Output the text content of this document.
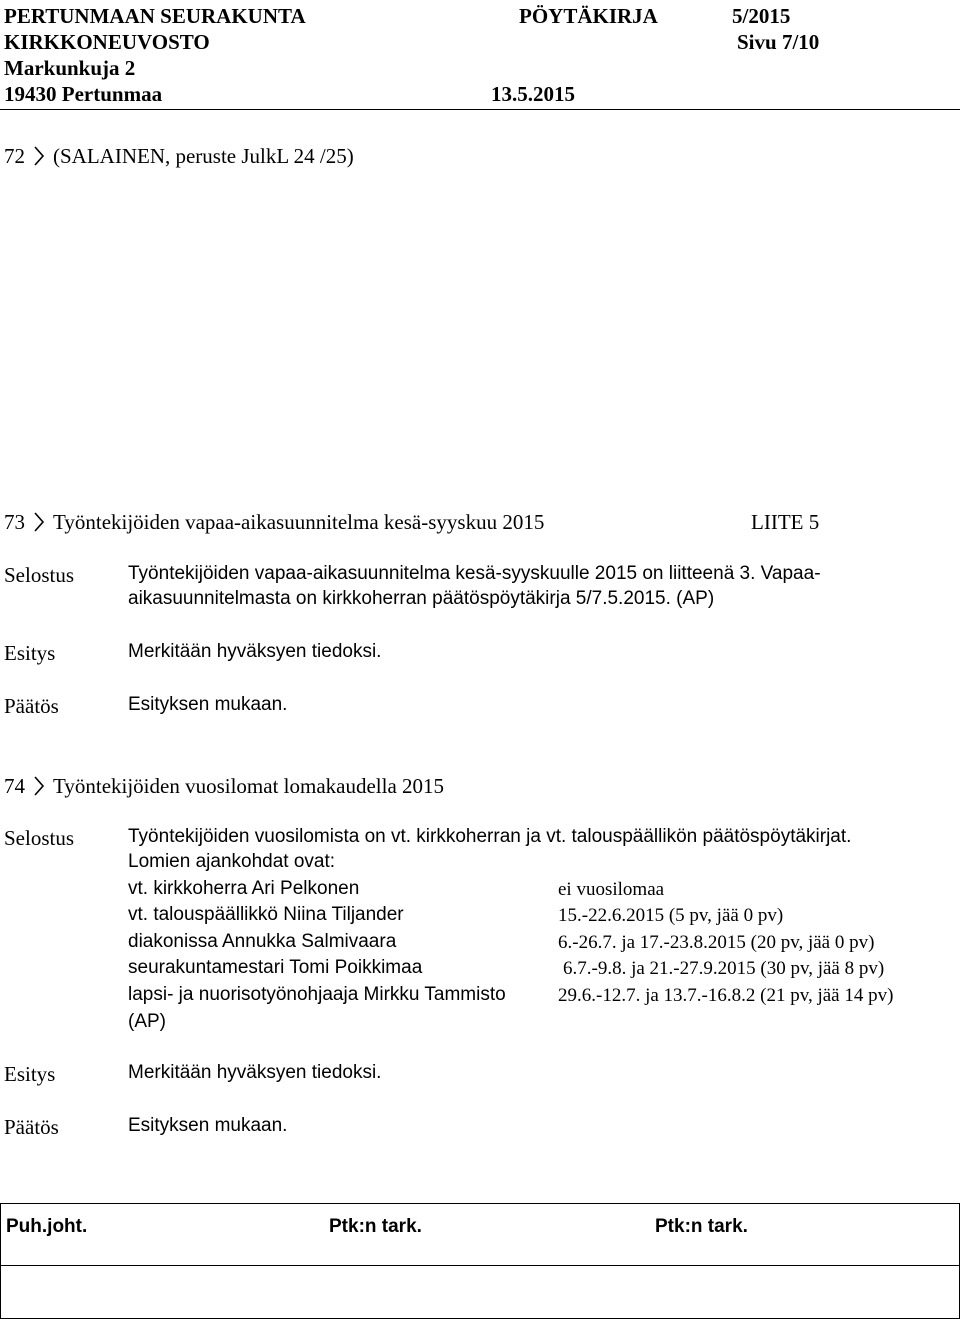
PERTUNMAAN SEURAKUNTA	PÖYTÄKIRJA	5/2015
KIRKKONEUVOSTO	Sivu 7/10
Markunkuja 2
19430 Pertunmaa	13.5.2015
72 (SALAINEN, peruste JulkL 24 /25)
73 Työntekijöiden vapaa-aikasuunnitelma kesä-syyskuu 2015	LIITE 5
Selostus	Työntekijöiden vapaa-aikasuunnitelma kesä-syyskuulle 2015 on liitteenä 3. Vapaa-
aikasuunnitelmasta on kirkkoherran päätöspöytäkirja 5/7.5.2015. (AP)
Esitys	Merkitään hyväksyen tiedoksi.
Päätös	Esityksen mukaan.
74 Työntekijöiden vuosilomat lomakaudella 2015
Selostus	Työntekijöiden vuosilomista on vt. kirkkoherran ja vt. talouspäällikön päätöspöytäkirjat.
Lomien ajankohdat ovat:
vt. kirkkoherra Ari Pelkonen	ei vuosilomaa
vt. talouspäällikkö Niina Tiljander	15.-22.6.2015 (5 pv, jää 0 pv)
diakonissa Annukka Salmivaara	6.-26.7. ja 17.-23.8.2015 (20 pv, jää 0 pv)
seurakuntamestari Tomi Poikkimaa	6.7.-9.8. ja 21.-27.9.2015 (30 pv, jää 8 pv)
lapsi- ja nuorisotyönohjaaja Mirkku Tammisto	29.6.-12.7. ja 13.7.-16.8.2 (21 pv, jää 14 pv)
(AP)
Esitys	Merkitään hyväksyen tiedoksi.
Päätös	Esityksen mukaan.
Puh.joht.	Ptk:n tark.	Ptk:n tark.
